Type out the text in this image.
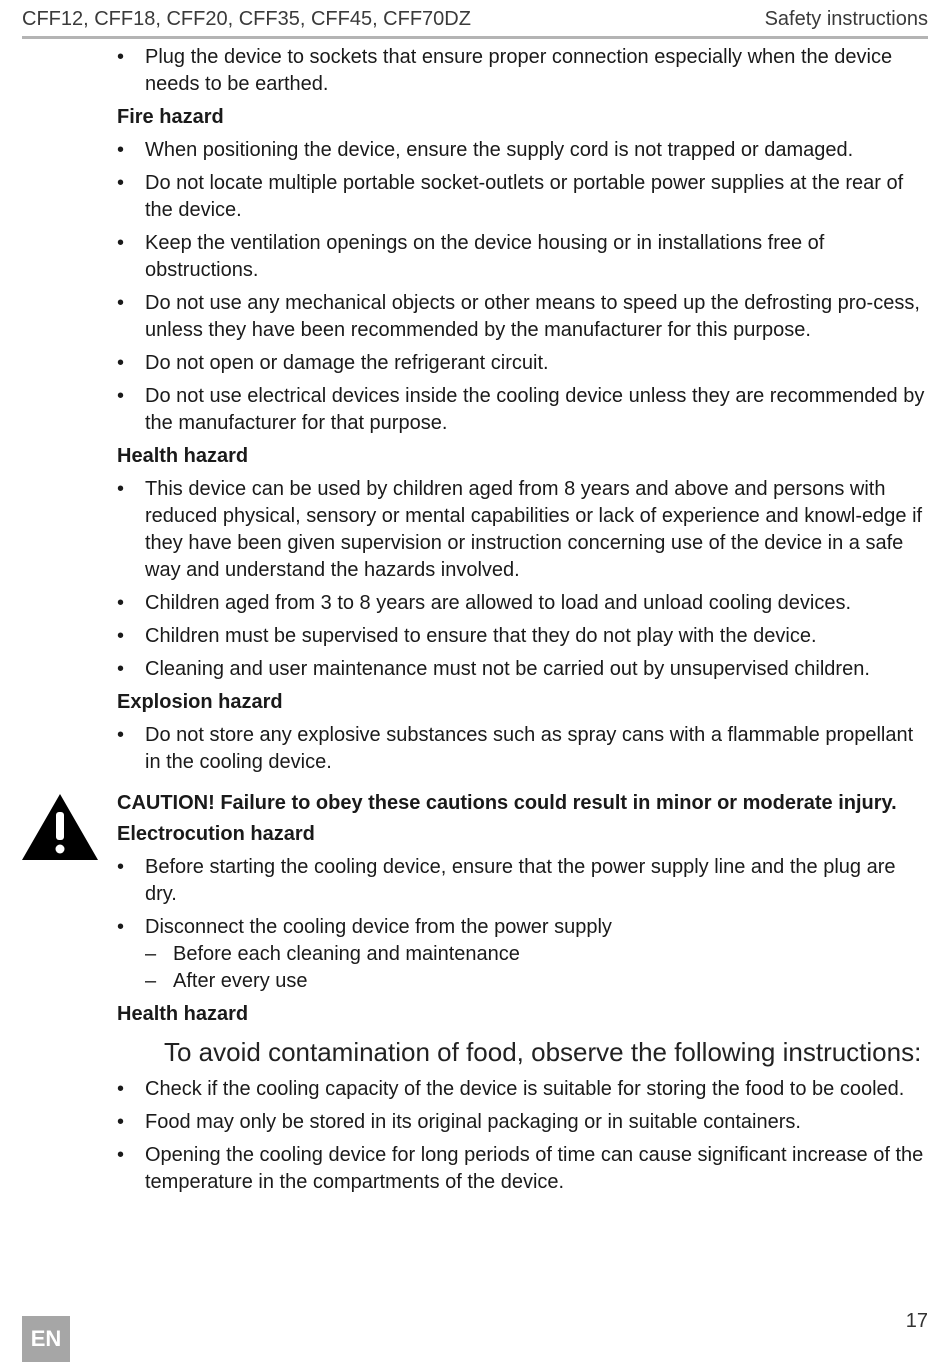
CFF12, CFF18, CFF20, CFF35, CFF45, CFF70DZ	Safety instructions
•	Plug the device to sockets that ensure proper connection especially when the device needs to be earthed.
Fire hazard
•	When positioning the device, ensure the supply cord is not trapped or damaged.
•	Do not locate multiple portable socket-outlets or portable power supplies at the rear of the device.
•	Keep the ventilation openings on the device housing or in installations free of obstructions.
•	Do not use any mechanical objects or other means to speed up the defrosting pro-cess, unless they have been recommended by the manufacturer for this purpose.
•	Do not open or damage the refrigerant circuit.
•	Do not use electrical devices inside the cooling device unless they are recommended by the manufacturer for that purpose.
Health hazard
•	This device can be used by children aged from 8 years and above and persons with reduced physical, sensory or mental capabilities or lack of experience and knowl-edge if they have been given supervision or instruction concerning use of the device in a safe way and understand the hazards involved.
•	Children aged from 3 to 8 years are allowed to load and unload cooling devices.
•	Children must be supervised to ensure that they do not play with the device.
•	Cleaning and user maintenance must not be carried out by unsupervised children.
Explosion hazard
•	Do not store any explosive substances such as spray cans with a flammable propellant in the cooling device.
CAUTION! Failure to obey these cautions could result in minor or moderate injury.
Electrocution hazard
•	Before starting the cooling device, ensure that the power supply line and the plug are dry.
•	Disconnect the cooling device from the power supply
– Before each cleaning and maintenance
– After every use
Health hazard
To avoid contamination of food, observe the following instructions:
•	Check if the cooling capacity of the device is suitable for storing the food to be cooled.
•	Food may only be stored in its original packaging or in suitable containers.
•	Opening the cooling device for long periods of time can cause significant increase of the temperature in the compartments of the device.
17
EN
